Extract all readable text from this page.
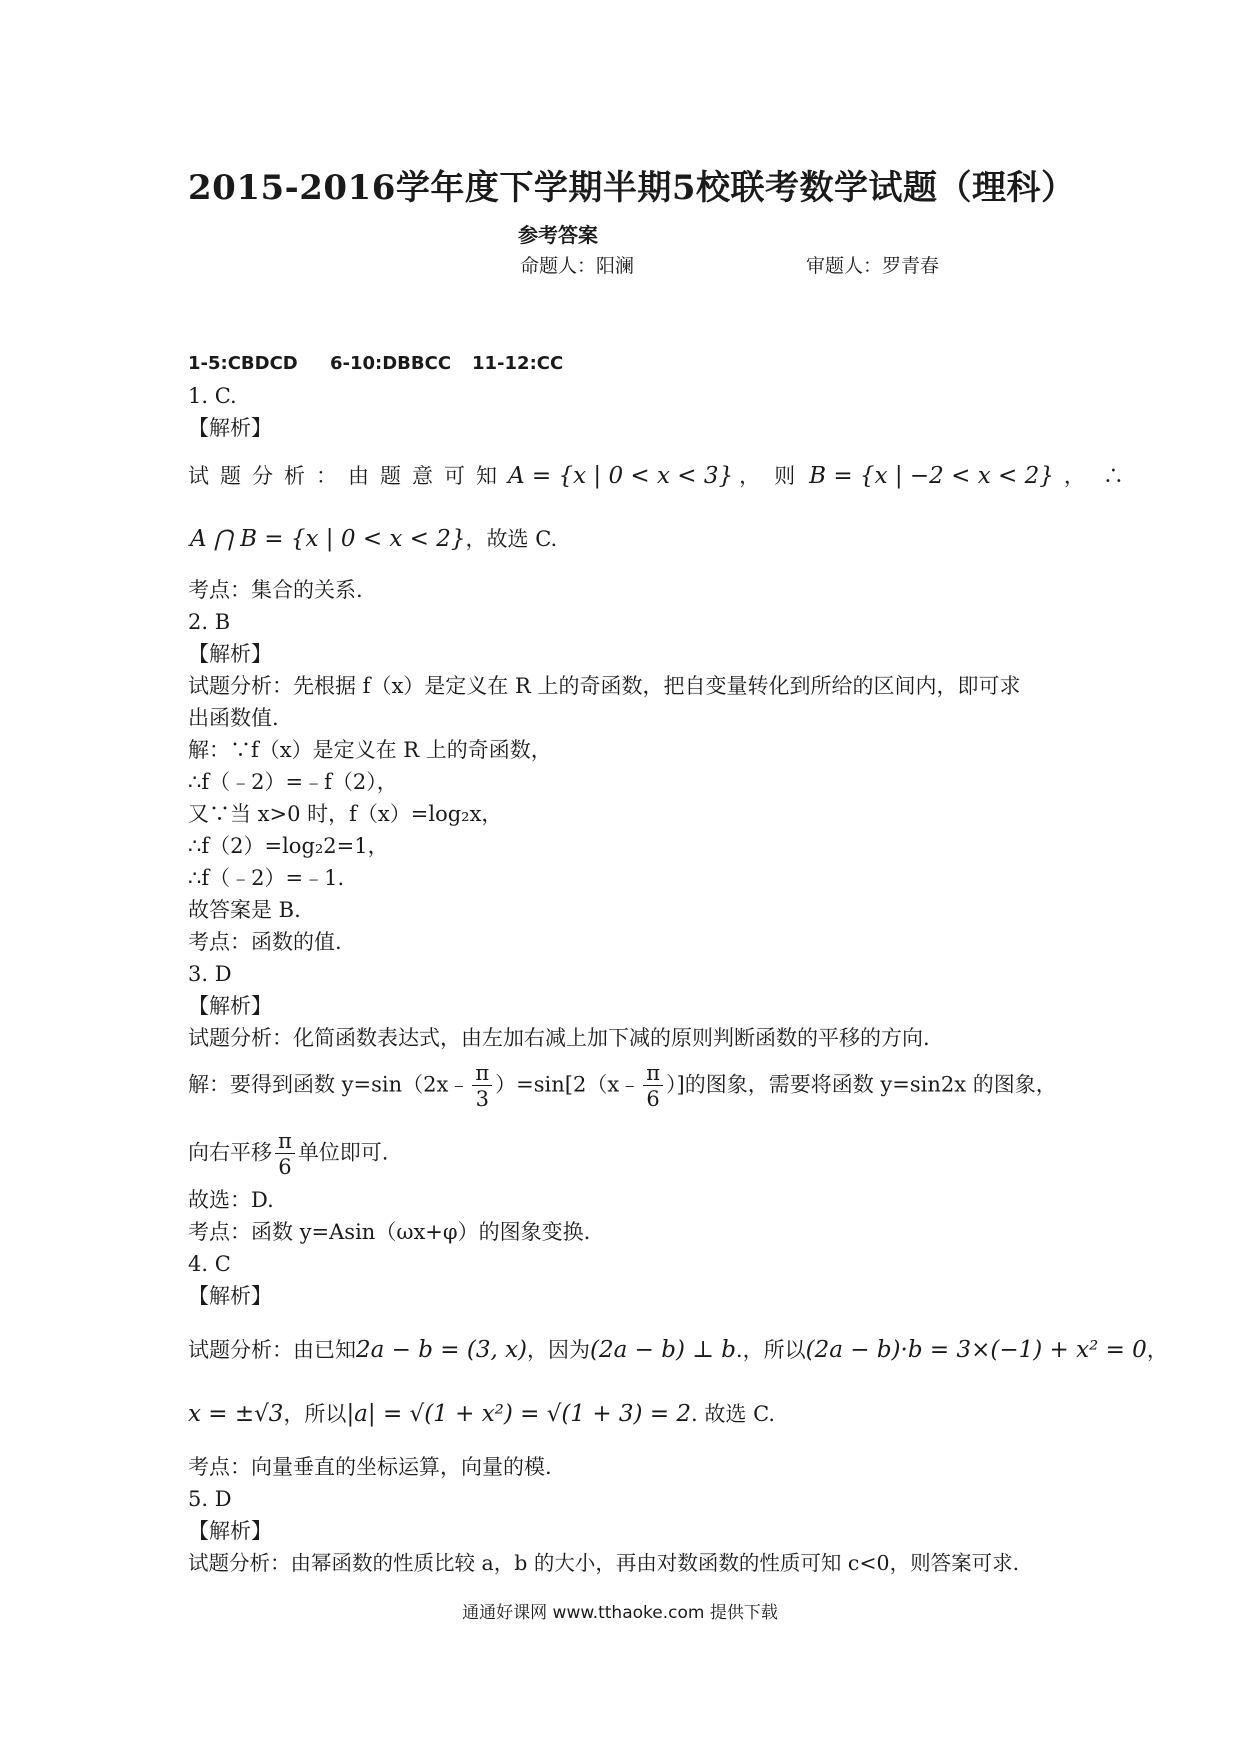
2015-2016学年度下学期半期5校联考数学试题（理科）
参考答案
命题人：阳澜	审题人：罗青春
1-5:CBDCD 6-10:DBBCC 11-12:CC
1. C.
【解析】
试题分析：由题意可知A = {x | 0 < x < 3} ，则B = {x | −2 < x < 2} ，∴
A ⋂ B = {x | 0 < x < 2}，故选 C.
考点：集合的关系.
2. B
【解析】
试题分析：先根据 f（x）是定义在 R 上的奇函数，把自变量转化到所给的区间内，即可求
出函数值.
解：∵f（x）是定义在 R 上的奇函数，
∴f（﹣2）=﹣f（2），
又∵当 x>0 时，f（x）=log₂x，
∴f（2）=log₂2=1，
∴f（﹣2）=﹣1.
故答案是 B.
考点：函数的值.
3. D
【解析】
试题分析：化简函数表达式，由左加右减上加下减的原则判断函数的平移的方向.
解：要得到函数 y=sin（2x﹣ $\frac{\pi}{3}$ ）=sin[2（x﹣ $\frac{\pi}{6}$ ）]的图象，需要将函数 y=sin2x 的图象，
向右平移 $\frac{\pi}{6}$ 单位即可.
故选：D.
考点：函数 y=Asin（ωx+φ）的图象变换.
4. C
【解析】
试题分析：由已知2a − b = (3, x)，因为(2a − b) ⊥ b.，所以(2a − b)·b = 3×(−1) + x² = 0，
x = ±√3，所以|a| = √(1 + x²) = √(1 + 3) = 2. 故选 C.
考点：向量垂直的坐标运算，向量的模.
5. D
【解析】
试题分析：由幂函数的性质比较 a，b 的大小，再由对数函数的性质可知 c<0，则答案可求.
通通好课网 www.tthaoke.com 提供下载
